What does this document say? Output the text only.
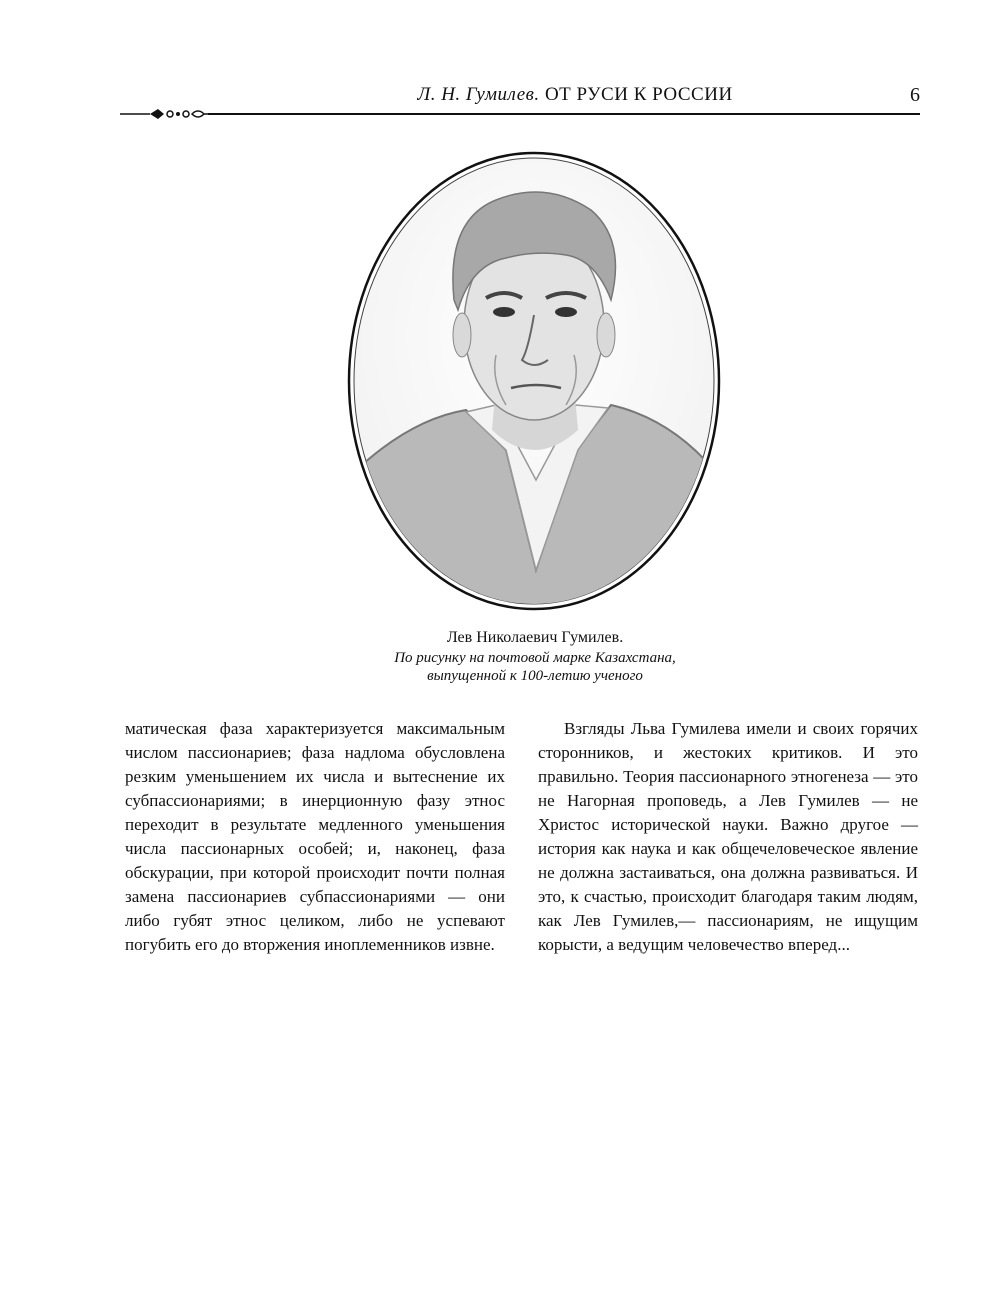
Л. Н. Гумилев. ОТ РУСИ К РОССИИ	6
Лев Николаевич Гумилев.
По рисунку на почтовой марке Казахстана,
выпущенной к 100-летию ученого

матическая фаза характеризуется максимальным числом пассионариев; фаза надлома обусловлена резким уменьшением их числа и вытеснение их субпассионариями; в инерционную фазу этнос переходит в результате медленного уменьшения числа пассионарных особей; и, наконец, фаза обскурации, при которой происходит почти полная замена пассионариев субпассионариями — они либо губят этнос целиком, либо не успевают погубить его до вторжения иноплеменников извне.

Взгляды Льва Гумилева имели и своих горячих сторонников, и жестоких критиков. И это правильно. Теория пассионарного этногенеза — это не Нагорная проповедь, а Лев Гумилев — не Христос исторической науки. Важно другое — история как наука и как общечеловеческое явление не должна застаиваться, она должна развиваться. И это, к счастью, происходит благодаря таким людям, как Лев Гумилев,— пассионариям, не ищущим корысти, а ведущим человечество вперед...
